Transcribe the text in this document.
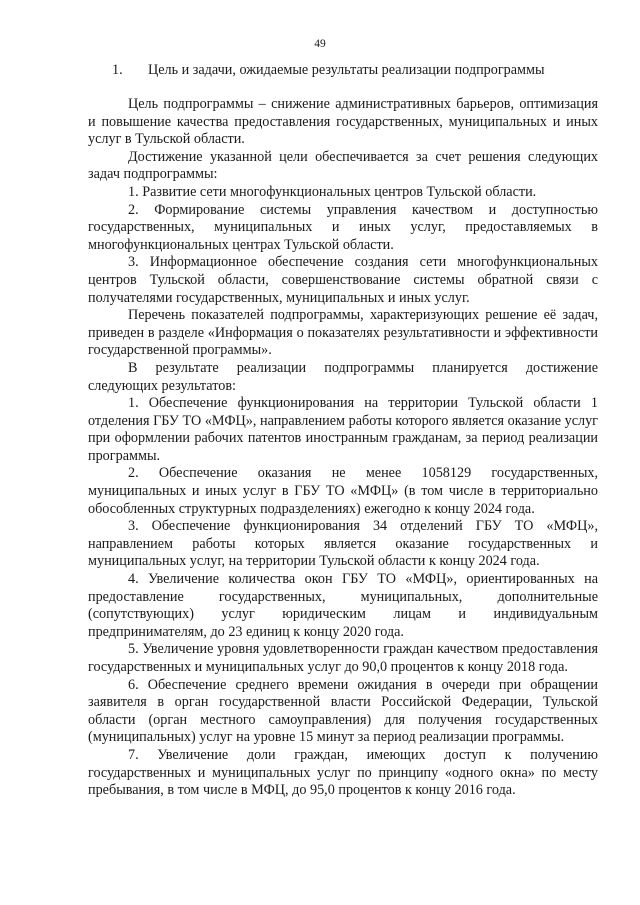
49
1. Цель и задачи, ожидаемые результаты реализации подпрограммы

Цель подпрограммы – снижение административных барьеров, оптимизация и повышение качества предоставления государственных, муниципальных и иных услуг в Тульской области.

Достижение указанной цели обеспечивается за счет решения следующих задач подпрограммы:

1. Развитие сети многофункциональных центров Тульской области.

2. Формирование системы управления качеством и доступностью государственных, муниципальных и иных услуг, предоставляемых в многофункциональных центрах Тульской области.

3. Информационное обеспечение создания сети многофункциональных центров Тульской области, совершенствование системы обратной связи с получателями государственных, муниципальных и иных услуг.

Перечень показателей подпрограммы, характеризующих решение её задач, приведен в разделе «Информация о показателях результативности и эффективности государственной программы».

В результате реализации подпрограммы планируется достижение следующих результатов:

1. Обеспечение функционирования на территории Тульской области 1 отделения ГБУ ТО «МФЦ», направлением работы которого является оказание услуг при оформлении рабочих патентов иностранным гражданам, за период реализации программы.

2. Обеспечение оказания не менее 1058129 государственных, муниципальных и иных услуг в ГБУ ТО «МФЦ» (в том числе в территориально обособленных структурных подразделениях) ежегодно к концу 2024 года.

3. Обеспечение функционирования 34 отделений ГБУ ТО «МФЦ», направлением работы которых является оказание государственных и муниципальных услуг, на территории Тульской области к концу 2024 года.

4. Увеличение количества окон ГБУ ТО «МФЦ», ориентированных на предоставление государственных, муниципальных, дополнительные (сопутствующих) услуг юридическим лицам и индивидуальным предпринимателям, до 23 единиц к концу 2020 года.

5. Увеличение уровня удовлетворенности граждан качеством предоставления государственных и муниципальных услуг до 90,0 процентов к концу 2018 года.

6. Обеспечение среднего времени ожидания в очереди при обращении заявителя в орган государственной власти Российской Федерации, Тульской области (орган местного самоуправления) для получения государственных (муниципальных) услуг на уровне 15 минут за период реализации программы.

7. Увеличение доли граждан, имеющих доступ к получению государственных и муниципальных услуг по принципу «одного окна» по месту пребывания, в том числе в МФЦ, до 95,0 процентов к концу 2016 года.
